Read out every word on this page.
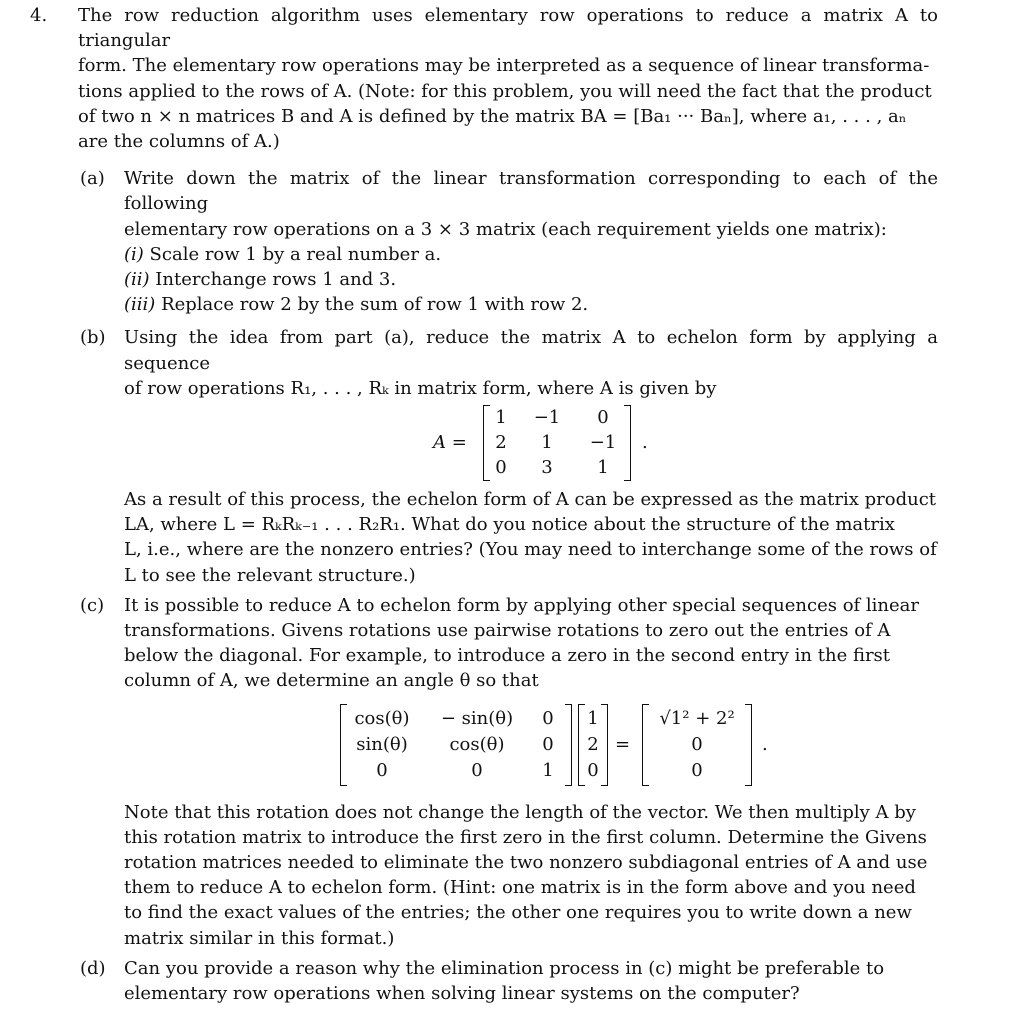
4. The row reduction algorithm uses elementary row operations to reduce a matrix A to triangular
form. The elementary row operations may be interpreted as a sequence of linear transforma-
tions applied to the rows of A. (Note: for this problem, you will need the fact that the product
of two n × n matrices B and A is defined by the matrix BA = [Ba₁ ··· Baₙ], where a₁, . . . , aₙ
are the columns of A.)
(a) Write down the matrix of the linear transformation corresponding to each of the following
elementary row operations on a 3 × 3 matrix (each requirement yields one matrix):
(i) Scale row 1 by a real number a.
(ii) Interchange rows 1 and 3.
(iii) Replace row 2 by the sum of row 1 with row 2.
(b) Using the idea from part (a), reduce the matrix A to echelon form by applying a sequence
of row operations R₁, . . . , Rₖ in matrix form, where A is given by
A =
1	−1	0
2	1	−1
0	3	1
.
As a result of this process, the echelon form of A can be expressed as the matrix product
LA, where L = RₖRₖ₋₁ . . . R₂R₁. What do you notice about the structure of the matrix
L, i.e., where are the nonzero entries? (You may need to interchange some of the rows of
L to see the relevant structure.)
(c) It is possible to reduce A to echelon form by applying other special sequences of linear
transformations. Givens rotations use pairwise rotations to zero out the entries of A
below the diagonal. For example, to introduce a zero in the second entry in the first
column of A, we determine an angle θ so that
cos(θ)	− sin(θ)	0
sin(θ)	cos(θ)	0
0	0	1
1
2
0
=
√1² + 2²
0
0
.
Note that this rotation does not change the length of the vector. We then multiply A by
this rotation matrix to introduce the first zero in the first column. Determine the Givens
rotation matrices needed to eliminate the two nonzero subdiagonal entries of A and use
them to reduce A to echelon form. (Hint: one matrix is in the form above and you need
to find the exact values of the entries; the other one requires you to write down a new
matrix similar in this format.)
(d) Can you provide a reason why the elimination process in (c) might be preferable to
elementary row operations when solving linear systems on the computer?
